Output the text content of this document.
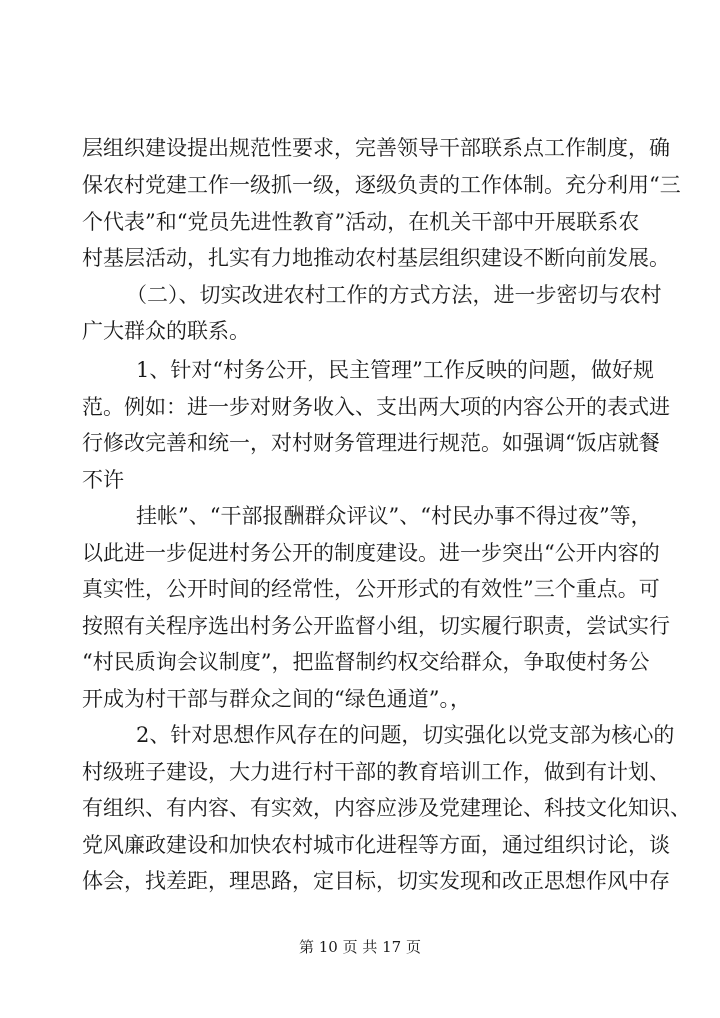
层组织建设提出规范性要求，完善领导干部联系点工作制度，确
保农村党建工作一级抓一级，逐级负责的工作体制。充分利用“三
个代表”和“党员先进性教育”活动，在机关干部中开展联系农
村基层活动，扎实有力地推动农村基层组织建设不断向前发展。
（二）、切实改进农村工作的方式方法，进一步密切与农村
广大群众的联系。
1、针对“村务公开，民主管理”工作反映的问题，做好规
范。例如：进一步对财务收入、支出两大项的内容公开的表式进
行修改完善和统一，对村财务管理进行规范。如强调“饭店就餐
不许
挂帐”、“干部报酬群众评议”、“村民办事不得过夜”等，
以此进一步促进村务公开的制度建设。进一步突出“公开内容的
真实性，公开时间的经常性，公开形式的有效性”三个重点。可
按照有关程序选出村务公开监督小组，切实履行职责，尝试实行
“村民质询会议制度”，把监督制约权交给群众，争取使村务公
开成为村干部与群众之间的“绿色通道”。，
2、针对思想作风存在的问题，切实强化以党支部为核心的
村级班子建设，大力进行村干部的教育培训工作，做到有计划、
有组织、有内容、有实效，内容应涉及党建理论、科技文化知识、
党风廉政建设和加快农村城市化进程等方面，通过组织讨论，谈
体会，找差距，理思路，定目标，切实发现和改正思想作风中存
第 10 页 共 17 页
